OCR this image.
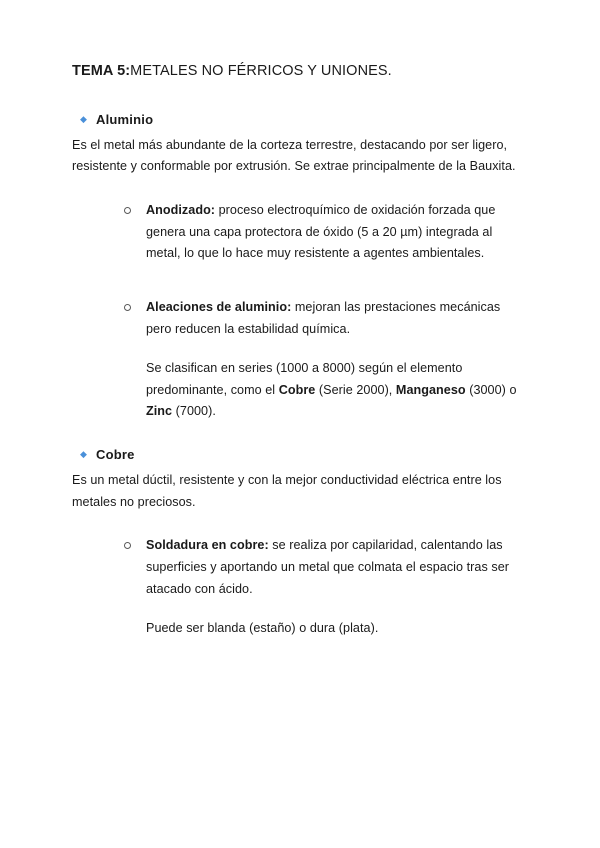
TEMA 5:METALES NO FÉRRICOS Y UNIONES.
◆ Aluminio

Es el metal más abundante de la corteza terrestre, destacando por ser ligero, resistente y conformable por extrusión. Se extrae principalmente de la Bauxita.

Anodizado: proceso electroquímico de oxidación forzada que genera una capa protectora de óxido (5 a 20 µm) integrada al metal, lo que lo hace muy resistente a agentes ambientales.
Aleaciones de aluminio: mejoran las prestaciones mecánicas pero reducen la estabilidad química.

Se clasifican en series (1000 a 8000) según el elemento predominante, como el Cobre (Serie 2000), Manganeso (3000) o Zinc (7000).

◆ Cobre

Es un metal dúctil, resistente y con la mejor conductividad eléctrica entre los metales no preciosos.

Soldadura en cobre: se realiza por capilaridad, calentando las superficies y aportando un metal que colmata el espacio tras ser atacado con ácido.

Puede ser blanda (estaño) o dura (plata).
